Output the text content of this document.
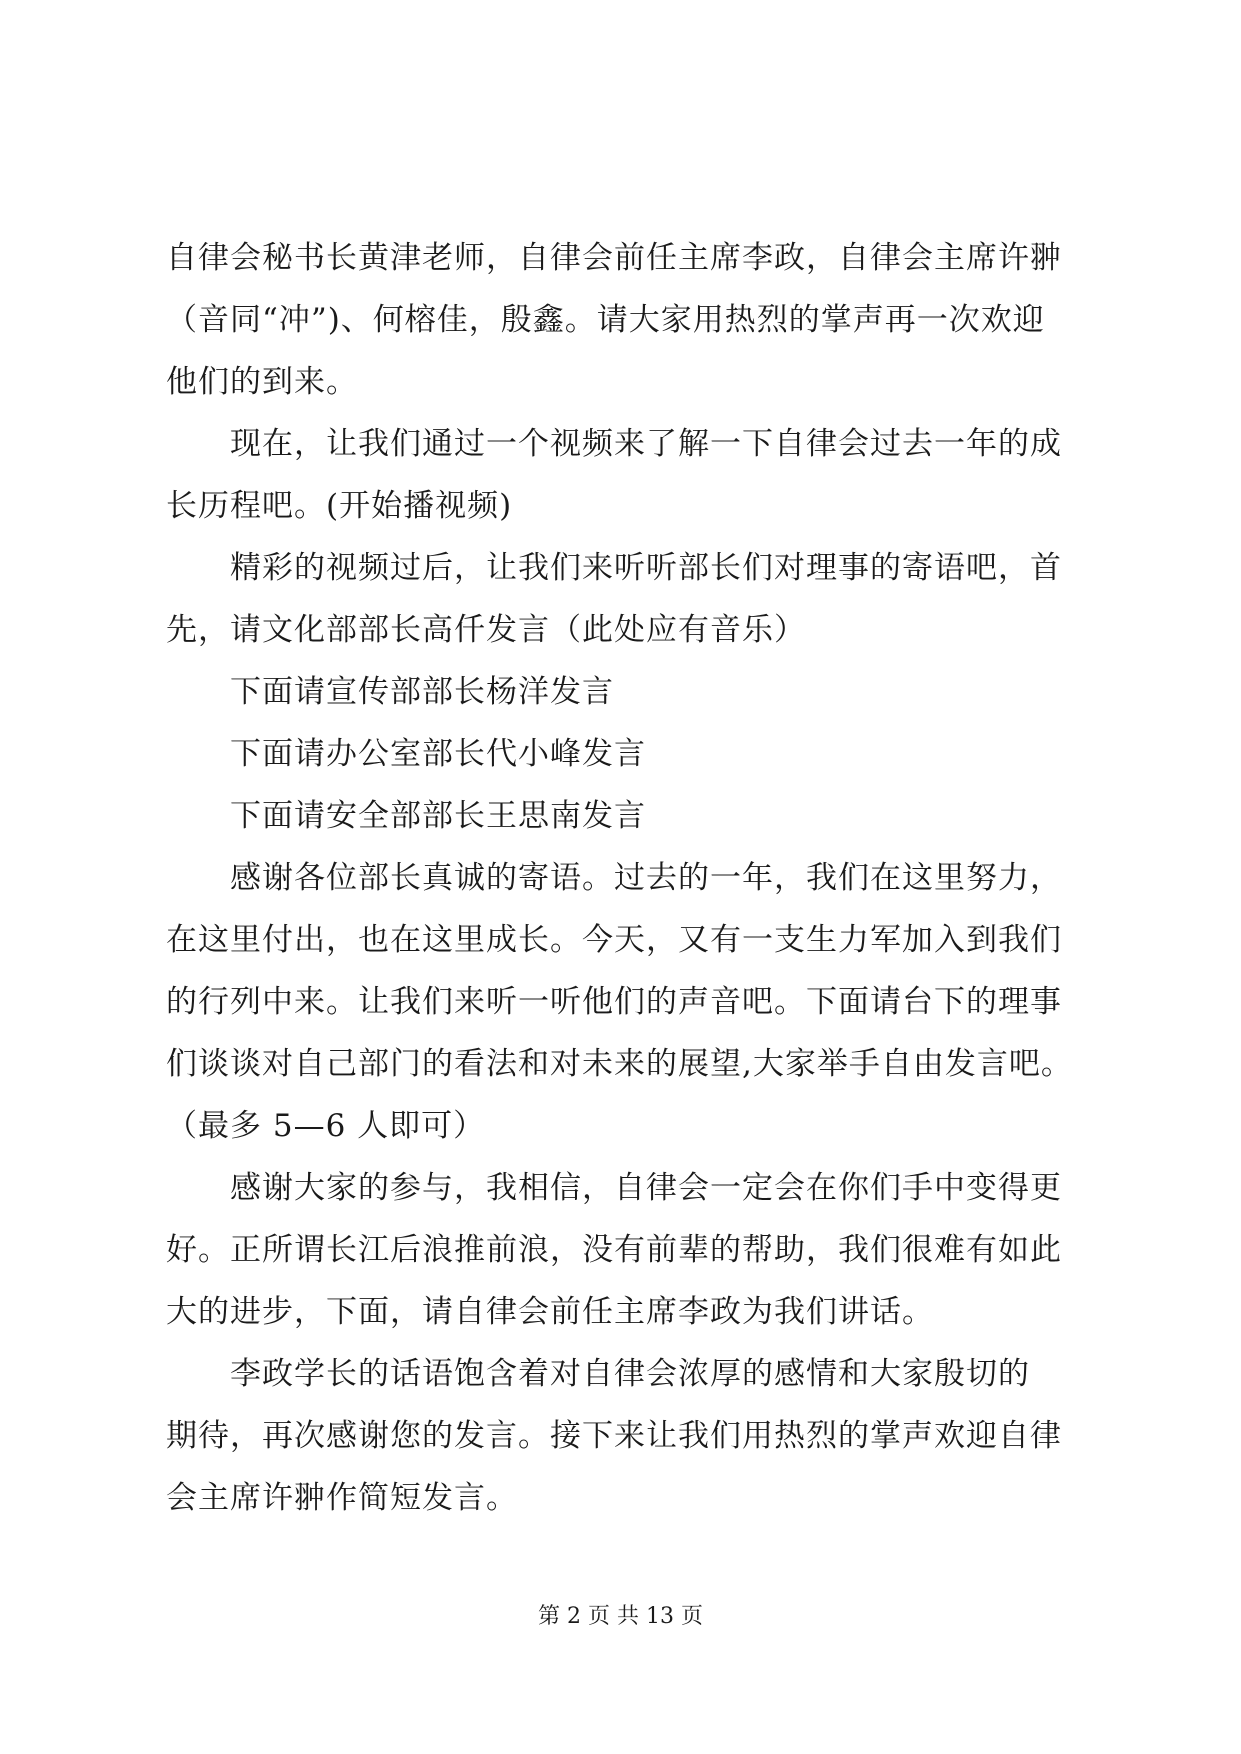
自律会秘书长黄津老师，自律会前任主席李政，自律会主席许翀
（音同“冲”)、何榕佳，殷鑫。请大家用热烈的掌声再一次欢迎
他们的到来。
现在，让我们通过一个视频来了解一下自律会过去一年的成
长历程吧。(开始播视频)
精彩的视频过后，让我们来听听部长们对理事的寄语吧，首
先，请文化部部长高仟发言（此处应有音乐）
下面请宣传部部长杨洋发言
下面请办公室部长代小峰发言
下面请安全部部长王思南发言
感谢各位部长真诚的寄语。过去的一年，我们在这里努力，
在这里付出，也在这里成长。今天，又有一支生力军加入到我们
的行列中来。让我们来听一听他们的声音吧。下面请台下的理事
们谈谈对自己部门的看法和对未来的展望,大家举手自由发言吧。
（最多 5—6 人即可）
感谢大家的参与，我相信，自律会一定会在你们手中变得更
好。正所谓长江后浪推前浪，没有前辈的帮助，我们很难有如此
大的进步，下面，请自律会前任主席李政为我们讲话。
李政学长的话语饱含着对自律会浓厚的感情和大家殷切的
期待，再次感谢您的发言。接下来让我们用热烈的掌声欢迎自律
会主席许翀作简短发言。
第 2 页 共 13 页
